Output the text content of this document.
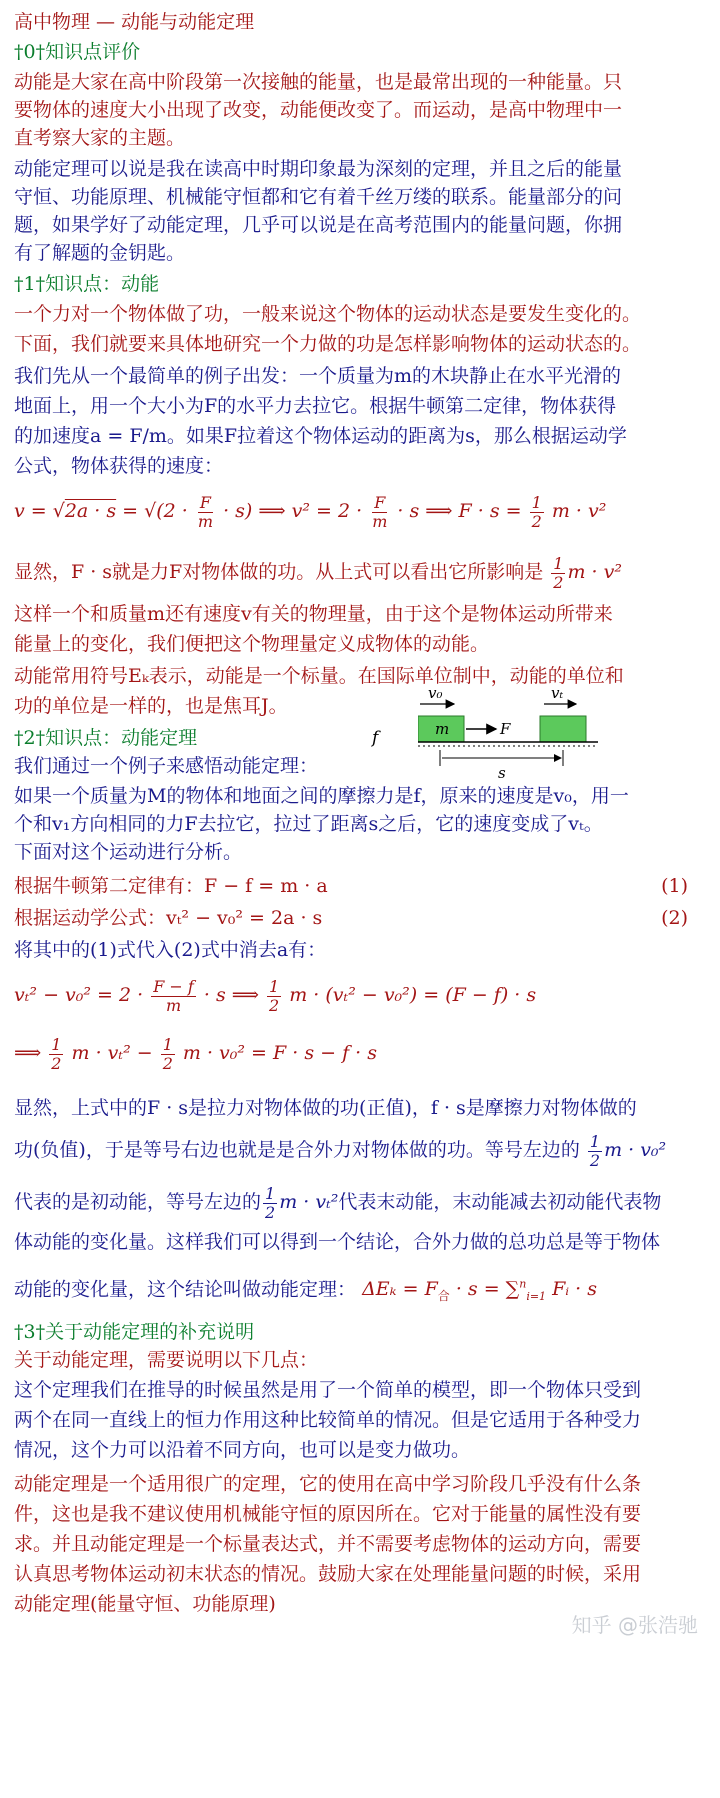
高中物理 — 动能与动能定理
†0†知识点评价
动能是大家在高中阶段第一次接触的能量，也是最常出现的一种能量。只
要物体的速度大小出现了改变，动能便改变了。而运动，是高中物理中一
直考察大家的主题。
动能定理可以说是我在读高中时期印象最为深刻的定理，并且之后的能量
守恒、功能原理、机械能守恒都和它有着千丝万缕的联系。能量部分的问
题，如果学好了动能定理，几乎可以说是在高考范围内的能量问题，你拥
有了解题的金钥匙。
†1†知识点：动能
一个力对一个物体做了功，一般来说这个物体的运动状态是要发生变化的。
下面，我们就要来具体地研究一个力做的功是怎样影响物体的运动状态的。
我们先从一个最简单的例子出发：一个质量为m的木块静止在水平光滑的
地面上，用一个大小为F的水平力去拉它。根据牛顿第二定律，物体获得
的加速度a = F/m。如果F拉着这个物体运动的距离为s，那么根据运动学
公式，物体获得的速度：
$v = √2a \cdot s = √(2 \cdot \frac{F}{m} \cdot s)$ ⟹ $v^2 = 2 \cdot \frac{F}{m} \cdot s$ ⟹ $F \cdot s = \frac{1}{2}$ m · v²
显然，F · s就是力F对物体做的功。从上式可以看出它所影响是 $\frac{1}{2}$ m · v²
这样一个和质量m还有速度v有关的物理量，由于这个是物体运动所带来
能量上的变化，我们便把这个物理量定义成物体的动能。
动能常用符号Eₖ表示，动能是一个标量。在国际单位制中，动能的单位和
功的单位是一样的，也是焦耳J。
†2†知识点：动能定理
我们通过一个例子来感悟动能定理：
v₀	vₜ
m	F
s
f
如果一个质量为M的物体和地面之间的摩擦力是f，原来的速度是v₀，用一
个和v₁方向相同的力F去拉它，拉过了距离s之后，它的速度变成了vₜ。
下面对这个运动进行分析。
根据牛顿第二定律有：F − f = m · a	(1)
根据运动学公式：vₜ² − v₀² = 2a · s	(2)
将其中的(1)式代入(2)式中消去a有：
$v_t^2 - v_0^2 = 2 \cdot \frac{F - f}{m} \cdot s$ ⟹ $\frac{1}{2}$ m · (vₜ² − v₀²) = (F − f) · s
⟹ $\frac{1}{2}$ $m \cdot v_t^2 - \frac{1}{2}$ m · v₀² = F · s − f · s
显然，上式中的F · s是拉力对物体做的功(正值)，f · s是摩擦力对物体做的
功(负值)，于是等号右边也就是是合外力对物体做的功。等号左边的 $\frac{1}{2}$ m · v₀²
代表的是初动能，等号左边的 $\frac{1}{2}$ m · vₜ²代表末动能，末动能减去初动能代表物
体动能的变化量。这样我们可以得到一个结论，合外力做的总功总是等于物体
动能的变化量，这个结论叫做动能定理： $\Delta E_k = F_合 \cdot s = \sum^n_{i=1}$ Fᵢ · s
†3†关于动能定理的补充说明
关于动能定理，需要说明以下几点：
这个定理我们在推导的时候虽然是用了一个简单的模型，即一个物体只受到
两个在同一直线上的恒力作用这种比较简单的情况。但是它适用于各种受力
情况，这个力可以沿着不同方向，也可以是变力做功。
动能定理是一个适用很广的定理，它的使用在高中学习阶段几乎没有什么条
件，这也是我不建议使用机械能守恒的原因所在。它对于能量的属性没有要
求。并且动能定理是一个标量表达式，并不需要考虑物体的运动方向，需要
认真思考物体运动初末状态的情况。鼓励大家在处理能量问题的时候，采用
动能定理(能量守恒、功能原理)
知乎 @张浩驰
